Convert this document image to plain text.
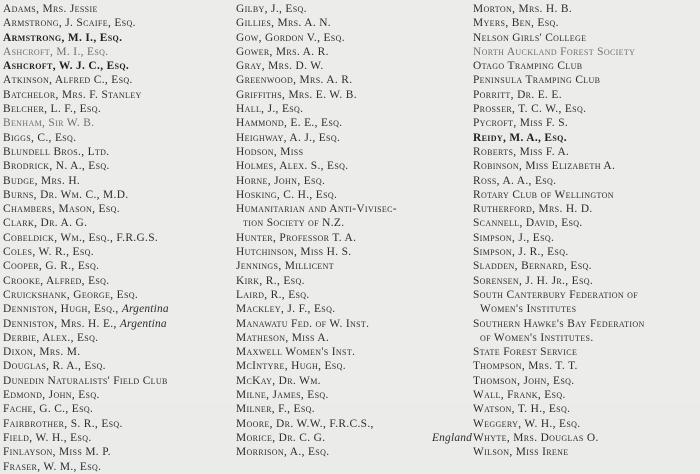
Adams, Mrs. Jessie
Armstrong, J. Scaife, Esq.
Armstrong, M. I., Esq.
Ashcroft, M. I., Esq.
Ashcroft, W. J. C., Esq.
Atkinson, Alfred C., Esq.
Batchelor, Mrs. F. Stanley
Belcher, L. F., Esq.
Benham, Sir W. B.
Biggs, C., Esq.
Blundell Bros., Ltd.
Brodrick, N. A., Esq.
Budge, Mrs. H.
Burns, Dr. Wm. C., M.D.
Chambers, Mason, Esq.
Clark, Dr. A. G.
Cobeldick, Wm., Esq., F.R.G.S.
Coles, W. R., Esq.
Cooper, G. R., Esq.
Crooke, Alfred, Esq.
Cruickshank, George, Esq.
Denniston, Hugh, Esq., Argentina
Denniston, Mrs. H. E., Argentina
Derbie, Alex., Esq.
Dixon, Mrs. M.
Douglas, R. A., Esq.
Dunedin Naturalists' Field Club
Edmond, John, Esq.
Fache, G. C., Esq.
Fairbrother, S. R., Esq.
Field, W. H., Esq.
Finlayson, Miss M. P.
Fraser, W. M., Esq.
Gilby, J., Esq.
Gillies, Mrs. A. N.
Gow, Gordon V., Esq.
Gower, Mrs. A. R.
Gray, Mrs. D. W.
Greenwood, Mrs. A. R.
Griffiths, Mrs. E. W. B.
Hall, J., Esq.
Hammond, E. E., Esq.
Heighway, A. J., Esq.
Hodson, Miss
Holmes, Alex. S., Esq.
Horne, John, Esq.
Hosking, C. H., Esq.
Humanitarian and Anti-Vivisec-
tion Society of N.Z.
Hunter, Professor T. A.
Hutchinson, Miss H. S.
Jennings, Millicent
Kirk, R., Esq.
Laird, R., Esq.
Mackley, J. F., Esq.
Manawatu Fed. of W. Inst.
Matheson, Miss A.
Maxwell Women's Inst.
McIntyre, Hugh, Esq.
McKay, Dr. Wm.
Milne, James, Esq.
Milner, F., Esq.
Moore, Dr. W.W., F.R.C.S.,
Morice, Dr. C. G.	England
Morrison, A., Esq.
Morton, Mrs. H. B.
Myers, Ben, Esq.
Nelson Girls' College
North Auckland Forest Society
Otago Tramping Club
Peninsula Tramping Club
Porritt, Dr. E. E.
Prosser, T. C. W., Esq.
Pycroft, Miss F. S.
Reidy, M. A., Esq.
Roberts, Miss F. A.
Robinson, Miss Elizabeth A.
Ross, A. A., Esq.
Rotary Club of Wellington
Rutherford, Mrs. H. D.
Scannell, David, Esq.
Simpson, J., Esq.
Simpson, J. R., Esq.
Sladden, Bernard, Esq.
Sorensen, J. H. Jr., Esq.
South Canterbury Federation of
Women's Institutes
Southern Hawke's Bay Federation
of Women's Institutes.
State Forest Service
Thompson, Mrs. T. T.
Thomson, John, Esq.
Wall, Frank, Esq.
Watson, T. H., Esq.
Weggery, W. H., Esq.
Whyte, Mrs. Douglas O.
Wilson, Miss Irene
